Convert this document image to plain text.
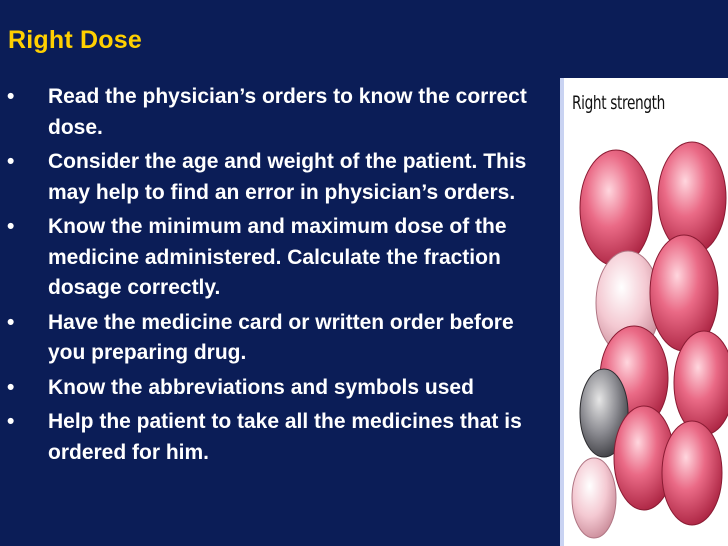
Right Dose
• Read the physician’s orders to know the correct dose.
• Consider the age and weight of the patient. This may help to find an error in physician’s orders.
• Know the minimum and maximum dose of the medicine administered. Calculate the fraction dosage correctly.
• Have the medicine card or written order before you preparing drug.
• Know the abbreviations and symbols used
• Help the patient to take all the medicines that is ordered for him.
Right strength
